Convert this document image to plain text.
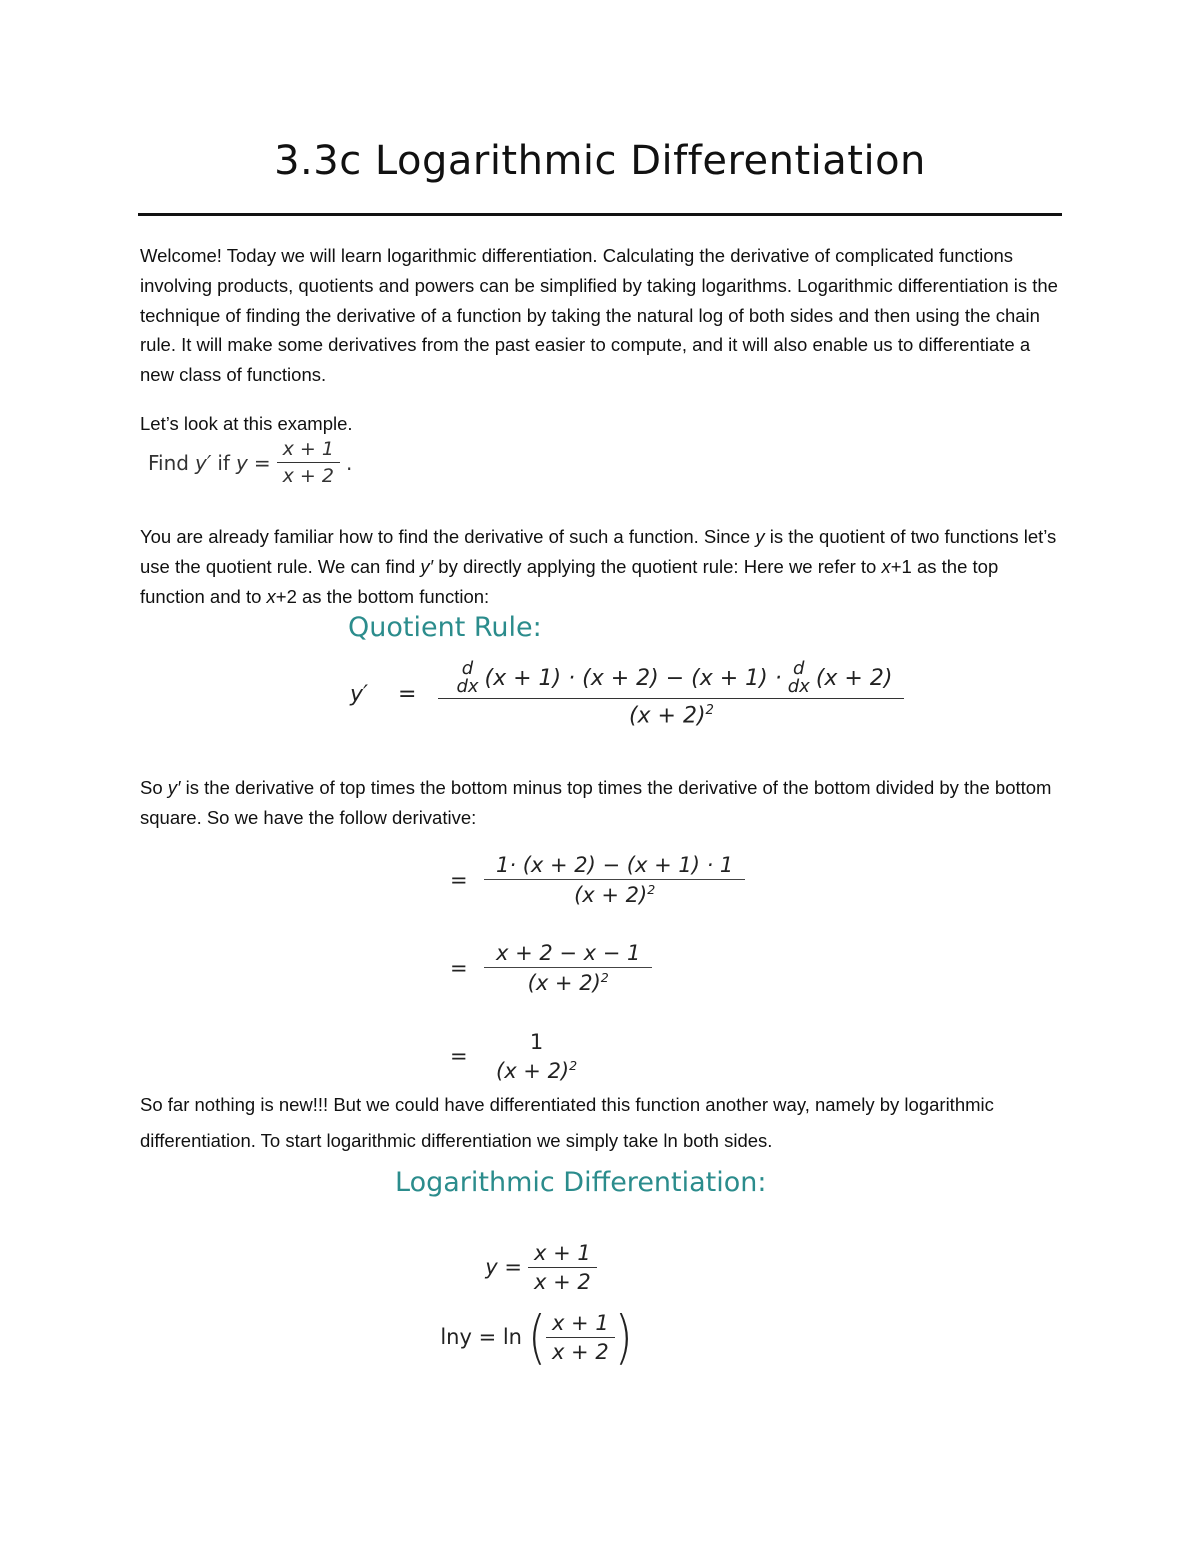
3.3c Logarithmic Differentiation
Welcome! Today we will learn logarithmic differentiation. Calculating the derivative of complicated functions involving products, quotients and powers can be simplified by taking logarithms. Logarithmic differentiation is the technique of finding the derivative of a function by taking the natural log of both sides and then using the chain rule. It will make some derivatives from the past easier to compute, and it will also enable us to differentiate a new class of functions.
Let’s look at this example.
Find y′ if $y = \frac{x + 1}{x + 2}$ .
You are already familiar how to find the derivative of such a function. Since y is the quotient of two functions let’s use the quotient rule. We can find y′ by directly applying the quotient rule: Here we refer to x+1 as the top function and to x+2 as the bottom function:
Quotient Rule:
y′ =
d
dx (x + 1) · (x + 2) − (x + 1) · d
dx (x + 2)
$(x + 2)^2$
So y′ is the derivative of top times the bottom minus top times the derivative of the bottom divided by the bottom square. So we have the follow derivative:
=	$\frac{1\cdot (x + 2) - (x + 1) \cdot 1}{(x + 2)^2}$
=	$\frac{x + 2 - x - 1}{(x + 2)^2}$
=
1
$(x + 2)^2$
So far nothing is new!!! But we could have differentiated this function another way, namely by logarithmic differentiation. To start logarithmic differentiation we simply take ln both sides.
Logarithmic Differentiation:
$y = \frac{x + 1}{x + 2}$
lny = ln ( $\frac{x + 1}{x + 2}$ )
